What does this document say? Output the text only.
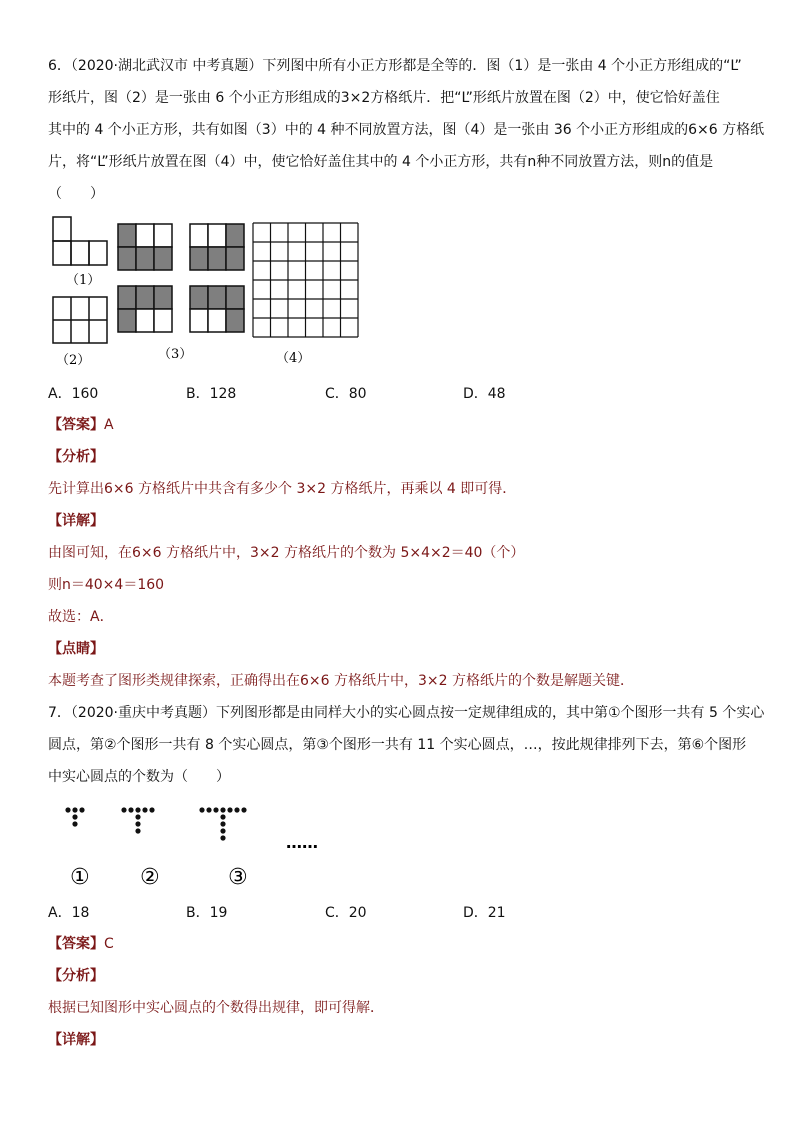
6．（2020·湖北武汉市 中考真题）下列图中所有小正方形都是全等的．图（1）是一张由 4 个小正方形组成的“L”
形纸片，图（2）是一张由 6 个小正方形组成的3×2方格纸片．把“L”形纸片放置在图（2）中，使它恰好盖住
其中的 4 个小正方形，共有如图（3）中的 4 种不同放置方法，图（4）是一张由 36 个小正方形组成的6×6 方格纸
片，将“L”形纸片放置在图（4）中，使它恰好盖住其中的 4 个小正方形，共有n种不同放置方法，则n的值是
（　　）
（1）
（2）	（3）	（4）
A．160	B．128	C．80	D．48
【答案】A
【分析】
先计算出6×6 方格纸片中共含有多少个 3×2 方格纸片，再乘以 4 即可得．
【详解】
由图可知，在6×6 方格纸片中，3×2 方格纸片的个数为 5×4×2＝40（个）
则n＝40×4＝160
故选：A．
【点睛】
本题考查了图形类规律探索，正确得出在6×6 方格纸片中，3×2 方格纸片的个数是解题关键．
7．（2020·重庆中考真题）下列图形都是由同样大小的实心圆点按一定规律组成的，其中第①个图形一共有 5 个实心
圆点，第②个图形一共有 8 个实心圆点，第③个图形一共有 11 个实心圆点，…，按此规律排列下去，第⑥个图形
中实心圆点的个数为（　　）
……
① ②	③
A．18	B．19	C．20	D．21
【答案】C
【分析】
根据已知图形中实心圆点的个数得出规律，即可得解．
【详解】
